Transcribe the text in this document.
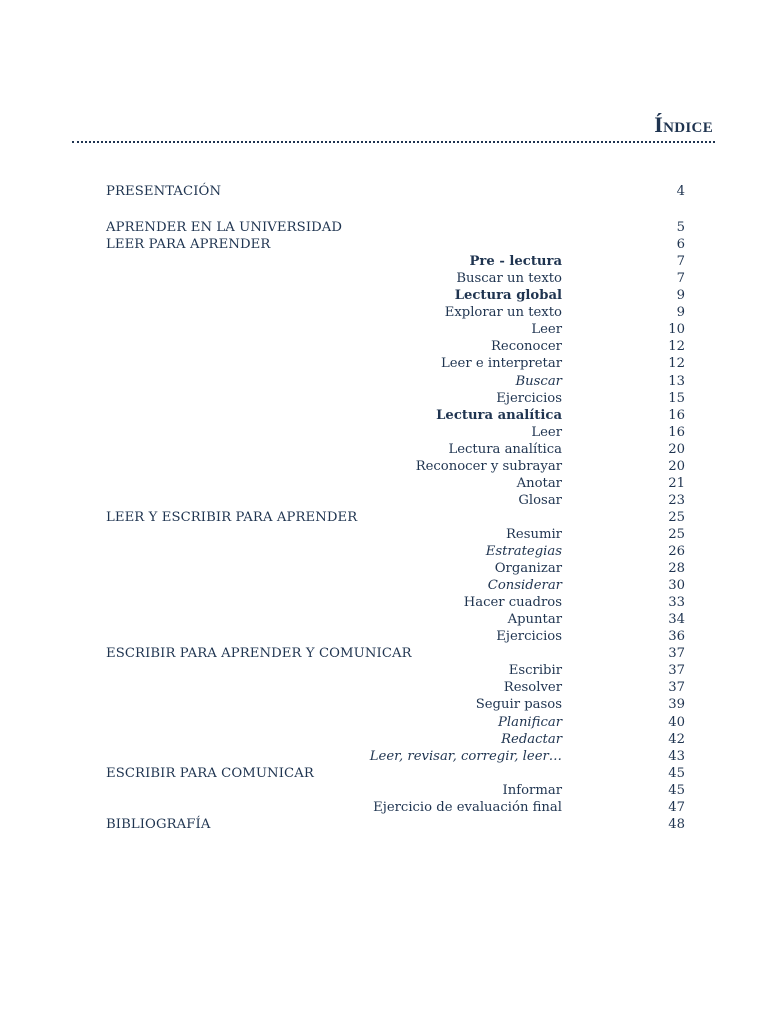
Índice
PRESENTACIÓN	4
APRENDER EN LA UNIVERSIDAD	5
LEER PARA APRENDER	6
Pre - lectura	7
Buscar un texto	7
Lectura global	9
Explorar un texto	9
Leer	10
Reconocer	12
Leer e interpretar	12
Buscar	13
Ejercicios	15
Lectura analítica	16
Leer	16
Lectura analítica	20
Reconocer y subrayar	20
Anotar	21
Glosar	23
LEER Y ESCRIBIR PARA APRENDER	25
Resumir	25
Estrategias	26
Organizar	28
Considerar	30
Hacer cuadros	33
Apuntar	34
Ejercicios	36
ESCRIBIR PARA APRENDER Y COMUNICAR	37
Escribir	37
Resolver	37
Seguir pasos	39
Planificar	40
Redactar	42
Leer, revisar, corregir, leer…	43
ESCRIBIR PARA COMUNICAR	45
Informar	45
Ejercicio de evaluación final	47
BIBLIOGRAFÍA	48
